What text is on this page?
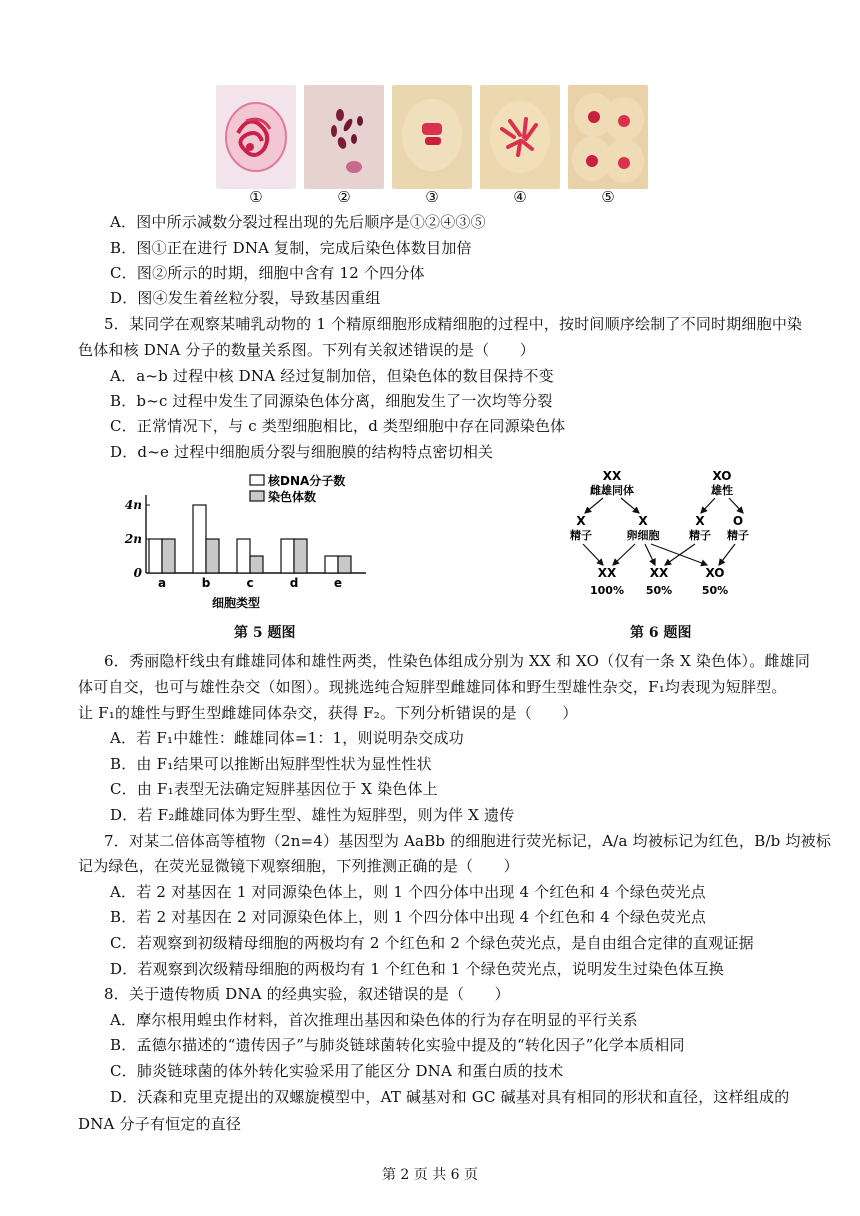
①	②	③	④	⑤
A．图中所示减数分裂过程出现的先后顺序是①②④③⑤
B．图①正在进行 DNA 复制，完成后染色体数目加倍
C．图②所示的时期，细胞中含有 12 个四分体
D．图④发生着丝粒分裂，导致基因重组
5．某同学在观察某哺乳动物的 1 个精原细胞形成精细胞的过程中，按时间顺序绘制了不同时期细胞中染
色体和核 DNA 分子的数量关系图。下列有关叙述错误的是（　　）
A．a~b 过程中核 DNA 经过复制加倍，但染色体的数目保持不变
B．b~c 过程中发生了同源染色体分离，细胞发生了一次均等分裂
C．正常情况下，与 c 类型细胞相比，d 类型细胞中存在同源染色体
D．d~e 过程中细胞质分裂与细胞膜的结构特点密切相关
核DNA分子数
染色体数
0
2n
4n
a	b	c	d	e
细胞类型
XX
雌雄同体
XO
雄性
X	X	X O
精子	卵细胞	精子 精子
XX	XX	XO
100% 50%	50%
第 5 题图	第 6 题图
6．秀丽隐杆线虫有雌雄同体和雄性两类，性染色体组成分别为 XX 和 XO（仅有一条 X 染色体）。雌雄同
体可自交，也可与雄性杂交（如图）。现挑选纯合短胖型雌雄同体和野生型雄性杂交，F₁均表现为短胖型。
让 F₁的雄性与野生型雌雄同体杂交，获得 F₂。下列分析错误的是（　　）
A．若 F₁中雄性：雌雄同体=1：1，则说明杂交成功
B．由 F₁结果可以推断出短胖型性状为显性性状
C．由 F₁表型无法确定短胖基因位于 X 染色体上
D．若 F₂雌雄同体为野生型、雄性为短胖型，则为伴 X 遗传
7．对某二倍体高等植物（2n=4）基因型为 AaBb 的细胞进行荧光标记，A/a 均被标记为红色，B/b 均被标
记为绿色，在荧光显微镜下观察细胞，下列推测正确的是（　　）
A．若 2 对基因在 1 对同源染色体上，则 1 个四分体中出现 4 个红色和 4 个绿色荧光点
B．若 2 对基因在 2 对同源染色体上，则 1 个四分体中出现 4 个红色和 4 个绿色荧光点
C．若观察到初级精母细胞的两极均有 2 个红色和 2 个绿色荧光点，是自由组合定律的直观证据
D．若观察到次级精母细胞的两极均有 1 个红色和 1 个绿色荧光点，说明发生过染色体互换
8．关于遗传物质 DNA 的经典实验，叙述错误的是（　　）
A．摩尔根用蝗虫作材料，首次推理出基因和染色体的行为存在明显的平行关系
B．孟德尔描述的“遗传因子”与肺炎链球菌转化实验中提及的“转化因子”化学本质相同
C．肺炎链球菌的体外转化实验采用了能区分 DNA 和蛋白质的技术
D．沃森和克里克提出的双螺旋模型中，AT 碱基对和 GC 碱基对具有相同的形状和直径，这样组成的
DNA 分子有恒定的直径
第 2 页 共 6 页
